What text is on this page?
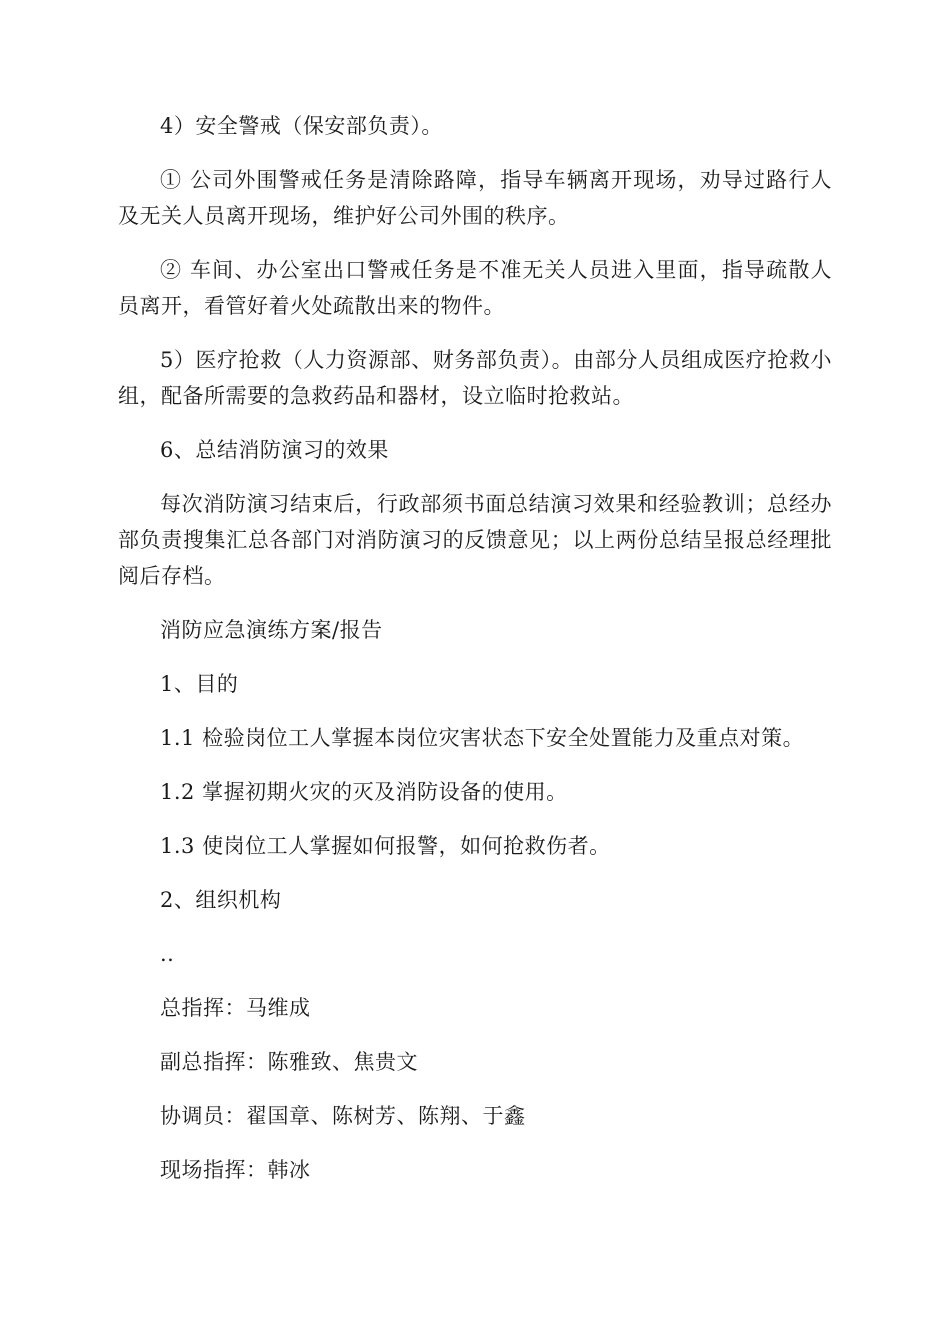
4）安全警戒（保安部负责）。

① 公司外围警戒任务是清除路障，指导车辆离开现场，劝导过路行人及无关人员离开现场，维护好公司外围的秩序。

② 车间、办公室出口警戒任务是不准无关人员进入里面，指导疏散人员离开，看管好着火处疏散出来的物件。

5）医疗抢救（人力资源部、财务部负责）。由部分人员组成医疗抢救小组，配备所需要的急救药品和器材，设立临时抢救站。

6、总结消防演习的效果

每次消防演习结束后，行政部须书面总结演习效果和经验教训；总经办部负责搜集汇总各部门对消防演习的反馈意见；以上两份总结呈报总经理批阅后存档。

消防应急演练方案/报告

1、目的

1.1 检验岗位工人掌握本岗位灾害状态下安全处置能力及重点对策。

1.2 掌握初期火灾的灭及消防设备的使用。

1.3 使岗位工人掌握如何报警，如何抢救伤者。

2、组织机构

..

总指挥：马维成

副总指挥：陈雅致、焦贵文

协调员：翟国章、陈树芳、陈翔、于鑫

现场指挥：韩冰
